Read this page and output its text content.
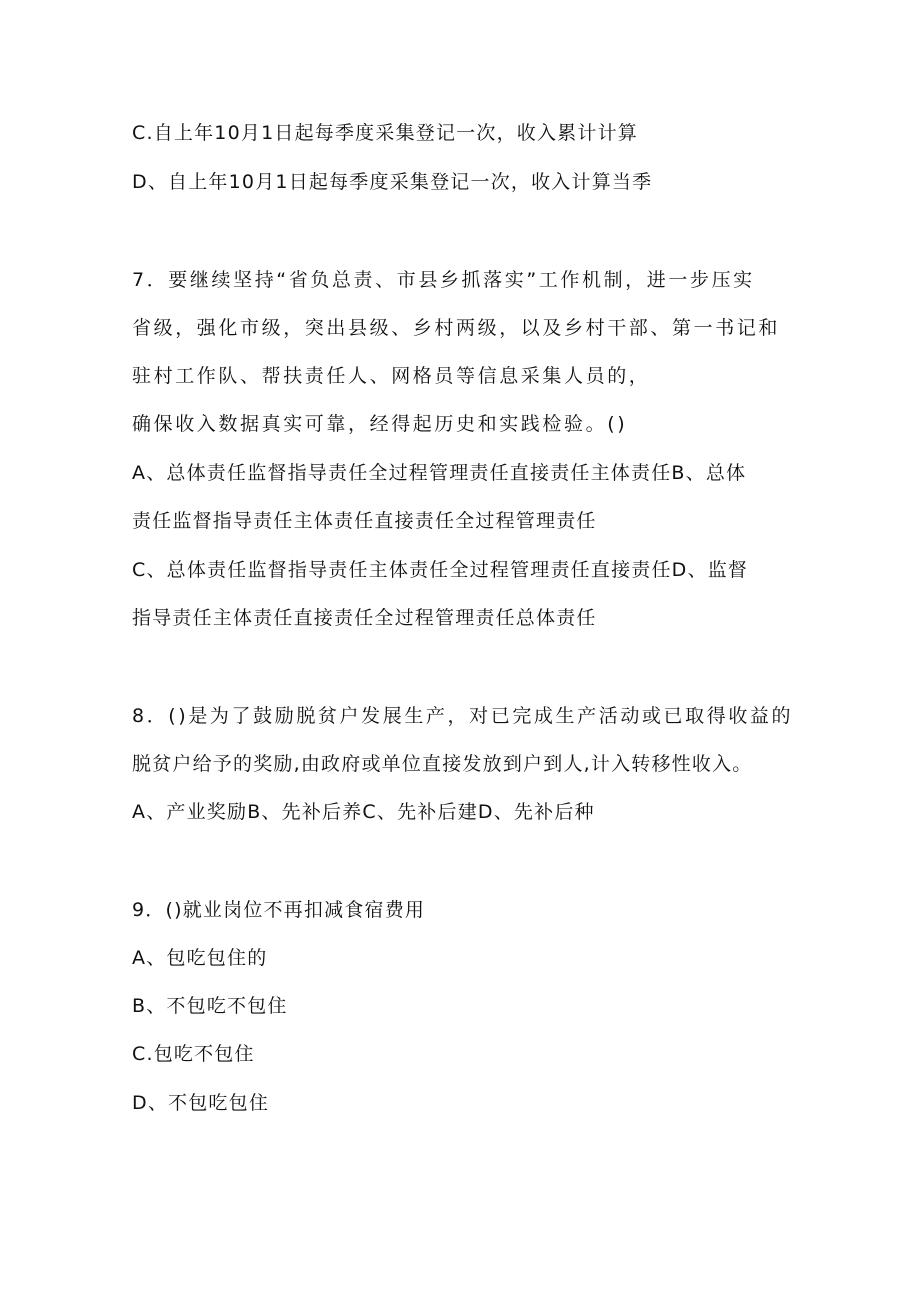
C.自上年10月1日起每季度采集登记一次，收入累计计算
D、自上年10月1日起每季度采集登记一次，收入计算当季
7．要继续坚持“省负总责、市县乡抓落实”工作机制，进一步压实
省级，强化市级，突出县级、乡村两级，以及乡村干部、第一书记和
驻村工作队、帮扶责任人、网格员等信息采集人员的，
确保收入数据真实可靠，经得起历史和实践检验。()
A、总体责任监督指导责任全过程管理责任直接责任主体责任B、总体
责任监督指导责任主体责任直接责任全过程管理责任
C、总体责任监督指导责任主体责任全过程管理责任直接责任D、监督
指导责任主体责任直接责任全过程管理责任总体责任
8．()是为了鼓励脱贫户发展生产，对已完成生产活动或已取得收益的
脱贫户给予的奖励,由政府或单位直接发放到户到人,计入转移性收入。
A、产业奖励B、先补后养C、先补后建D、先补后种
9．()就业岗位不再扣减食宿费用
A、包吃包住的
B、不包吃不包住
C.包吃不包住
D、不包吃包住
